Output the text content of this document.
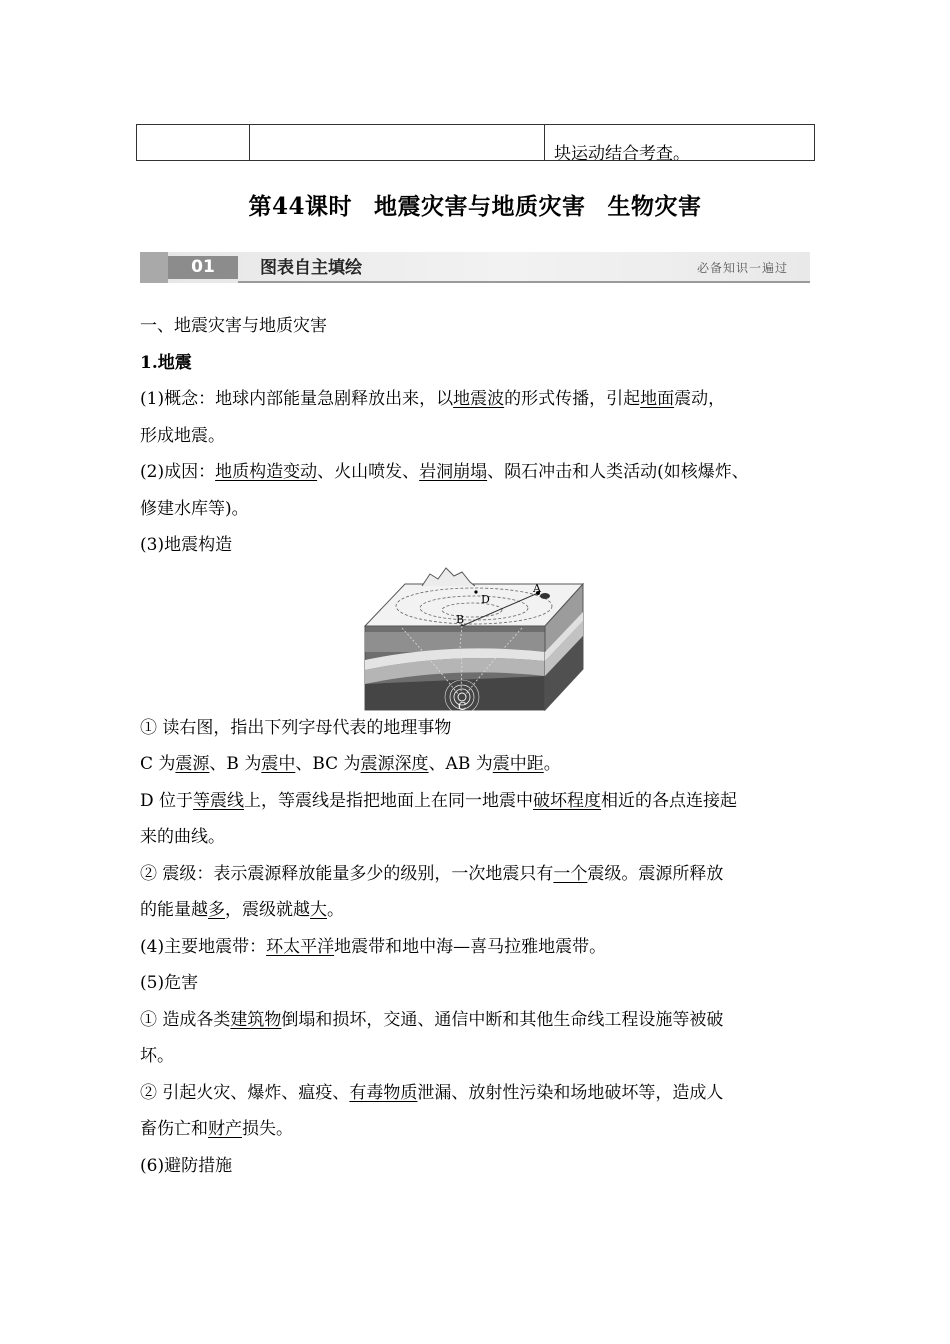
块运动结合考查。
第44课时 地震灾害与地质灾害 生物灾害
01	图表自主填绘	必备知识一遍过

一、地震灾害与地质灾害

1.地震

(1)概念：地球内部能量急剧释放出来，以地震波的形式传播，引起地面震动，

形成地震。

(2)成因：地质构造变动、火山喷发、岩洞崩塌、陨石冲击和人类活动(如核爆炸、

修建水库等)。

(3)地震构造

① 读右图，指出下列字母代表的地理事物

C 为震源、B 为震中、BC 为震源深度、AB 为震中距。

D 位于等震线上，等震线是指把地面上在同一地震中破坏程度相近的各点连接起

来的曲线。

② 震级：表示震源释放能量多少的级别，一次地震只有一个震级。震源所释放

的能量越多，震级就越大。

(4)主要地震带：环太平洋地震带和地中海—喜马拉雅地震带。

(5)危害

① 造成各类建筑物倒塌和损坏，交通、通信中断和其他生命线工程设施等被破

坏。

② 引起火灾、爆炸、瘟疫、有毒物质泄漏、放射性污染和场地破坏等，造成人

畜伤亡和财产损失。

(6)避防措施

A
B
C
D
